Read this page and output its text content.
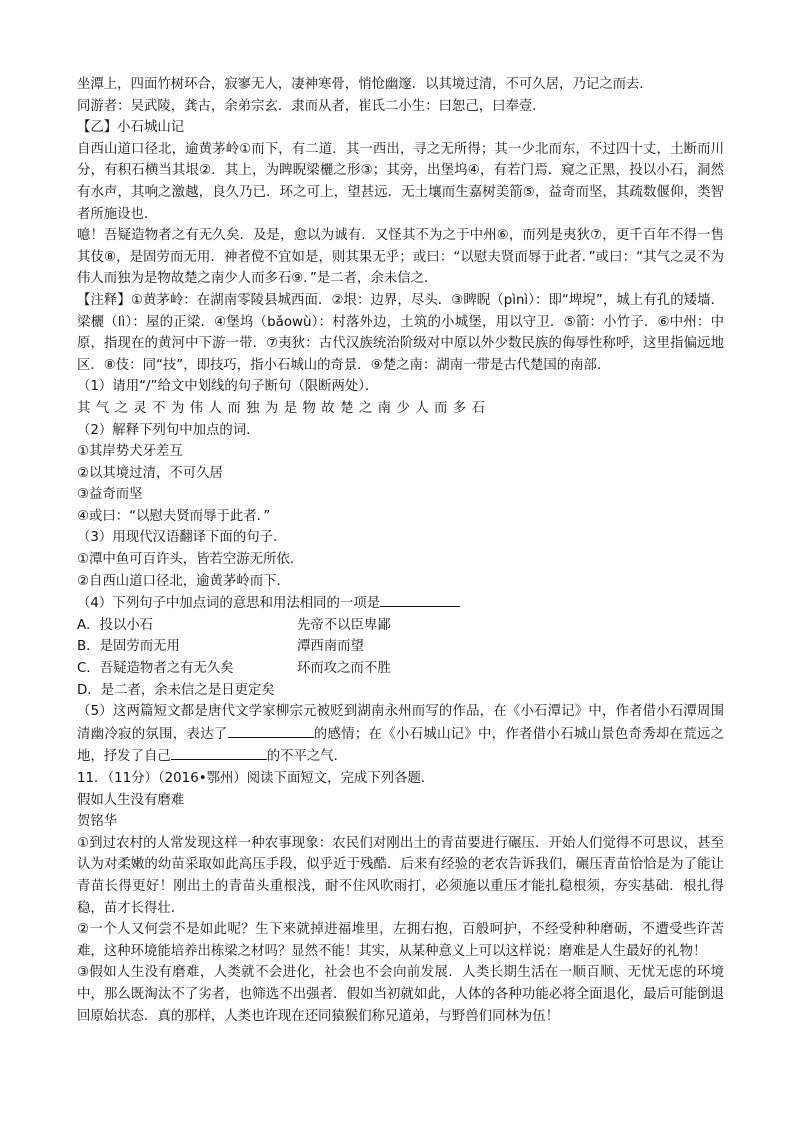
坐潭上，四面竹树环合，寂寥无人，凄神寒骨，悄怆幽邃．以其境过清，不可久居，乃记之而去．
同游者：吴武陵，龚古，余弟宗玄．隶而从者，崔氏二小生：曰恕己，曰奉壹．
【乙】小石城山记
自西山道口径北，逾黄茅岭①而下，有二道．其一西出，寻之无所得；其一少北而东，不过四十丈，土断而川分，有积石横当其垠②．其上，为睥睨梁欐之形③；其旁，出堡坞④，有若门焉．窥之正黑，投以小石，洞然有水声，其响之激越，良久乃已．环之可上，望甚远．无土壤而生嘉树美箭⑤，益奇而坚，其疏数偃仰，类智者所施设也．
噫！吾疑造物者之有无久矣．及是，愈以为诚有．又怪其不为之于中州⑥，而列是夷狄⑦，更千百年不得一售其伎⑧，是固劳而无用．神者傥不宜如是，则其果无乎；或曰：“以慰夫贤而辱于此者．”或曰：“其气之灵不为伟人而独为是物故楚之南少人而多石⑨．”是二者，余未信之．
【注释】①黄茅岭：在湖南零陵县城西面．②垠：边界，尽头．③睥睨（pìnì）：即“埤堄”，城上有孔的矮墙．梁欐（lì）：屋的正梁．④堡坞（bǎowù）：村落外边，土筑的小城堡，用以守卫．⑤箭：小竹子．⑥中州：中原，指现在的黄河中下游一带．⑦夷狄：古代汉族统治阶级对中原以外少数民族的侮辱性称呼，这里指偏远地区．⑧伎：同“技”，即技巧，指小石城山的奇景．⑨楚之南：湖南一带是古代楚国的南部．
（1）请用“/”给文中划线的句子断句（限断两处）．
其气之灵不为伟人而独为是物故楚之南少人而多石
（2）解释下列句中加点的词．
①其岸势犬牙差互
②以其境过清，不可久居
③益奇而坚
④或曰：“以慰夫贤而辱于此者．”
（3）用现代汉语翻译下面的句子．
①潭中鱼可百许头，皆若空游无所依．
②自西山道口径北，逾黄茅岭而下．
（4）下列句子中加点词的意思和用法相同的一项是
A．投以小石	先帝不以臣卑鄙
B．是固劳而无用	潭西南而望
C．吾疑造物者之有无久矣	环而攻之而不胜
D．是二者，余未信之是日更定矣
（5）这两篇短文都是唐代文学家柳宗元被贬到湖南永州而写的作品，在《小石潭记》中，作者借小石潭周围清幽冷寂的氛围，表达了	的感情；在《小石城山记》中，作者借小石城山景色奇秀却在荒远之地，抒发了自己	的不平之气．
11．（11分）（2016•鄂州）阅读下面短文，完成下列各题．
假如人生没有磨难
贺铭华
①到过农村的人常发现这样一种农事现象：农民们对刚出土的青苗要进行碾压．开始人们觉得不可思议，甚至认为对柔嫩的幼苗采取如此高压手段，似乎近于残酷．后来有经验的老农告诉我们，碾压青苗恰恰是为了能让青苗长得更好！刚出土的青苗头重根浅，耐不住风吹雨打，必须施以重压才能扎稳根须，夯实基础．根扎得稳，苗才长得壮．
②一个人又何尝不是如此呢？生下来就掉进福堆里，左拥右抱，百般呵护，不经受种种磨砺，不遭受些许苦难，这种环境能培养出栋梁之材吗？显然不能！其实，从某种意义上可以这样说：磨难是人生最好的礼物！
③假如人生没有磨难，人类就不会进化，社会也不会向前发展．人类长期生活在一顺百顺、无忧无虑的环境中，那么既淘汰不了劣者，也筛选不出强者．假如当初就如此，人体的各种功能必将全面退化，最后可能倒退回原始状态．真的那样，人类也许现在还同猿猴们称兄道弟，与野兽们同林为伍！
